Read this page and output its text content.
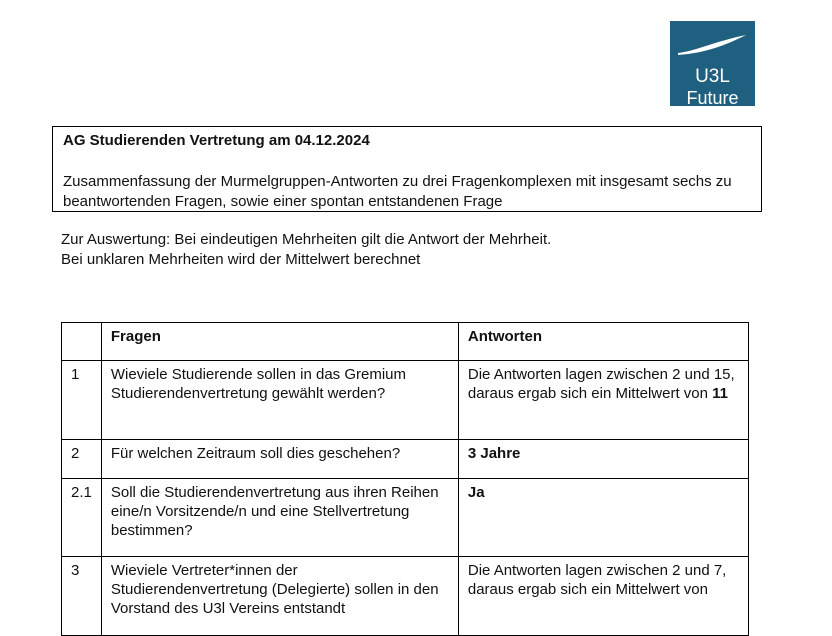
U3L
Future
AG Studierenden Vertretung am 04.12.2024
Zusammenfassung der Murmelgruppen-Antworten zu drei Fragenkomplexen mit insgesamt sechs zu beantwortenden Fragen, sowie einer spontan entstandenen Frage
Zur Auswertung: Bei eindeutigen Mehrheiten gilt die Antwort der Mehrheit.
Bei unklaren Mehrheiten wird der Mittelwert berechnet
	Fragen	Antworten
1	Wieviele Studierende sollen in das Gremium Studierendenvertretung gewählt werden?	Die Antworten lagen zwischen 2 und 15, daraus ergab sich ein Mittelwert von 11
2	Für welchen Zeitraum soll dies geschehen?	3 Jahre
2.1	Soll die Studierendenvertretung aus ihren Reihen eine/n Vorsitzende/n und eine Stellvertretung bestimmen?	Ja
3	Wieviele Vertreter*innen der Studierendenvertretung (Delegierte) sollen in den Vorstand des U3l Vereins entstandt	Die Antworten lagen zwischen 2 und 7, daraus ergab sich ein Mittelwert von
